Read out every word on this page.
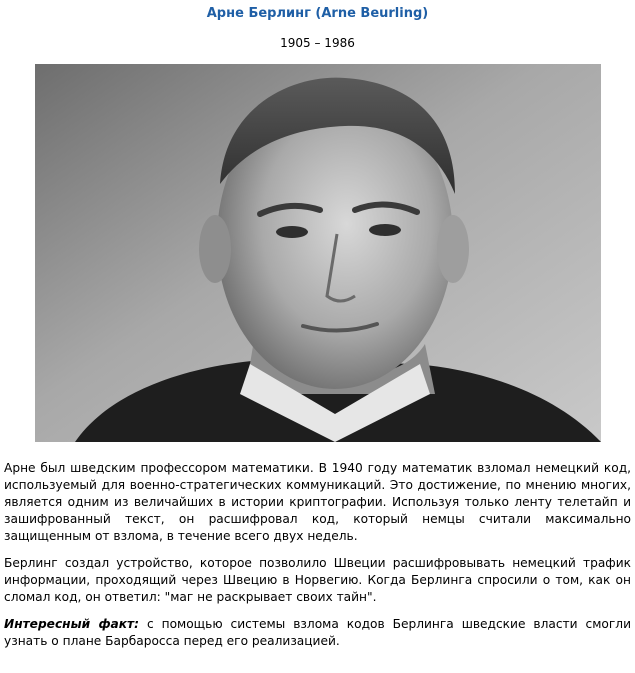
Арне Берлинг (Arne Beurling)
1905 – 1986

Арне был шведским профессором математики. В 1940 году математик взломал немецкий код, используемый для военно-стратегических коммуникаций. Это достижение, по мнению многих, является одним из величайших в истории криптографии. Используя только ленту телетайп и зашифрованный текст, он расшифровал код, который немцы считали максимально защищенным от взлома, в течение всего двух недель.

Берлинг создал устройство, которое позволило Швеции расшифровывать немецкий трафик информации, проходящий через Швецию в Норвегию. Когда Берлинга спросили о том, как он сломал код, он ответил: "маг не раскрывает своих тайн".

Интересный факт: с помощью системы взлома кодов Берлинга шведские власти смогли узнать о плане Барбаросса перед его реализацией.
